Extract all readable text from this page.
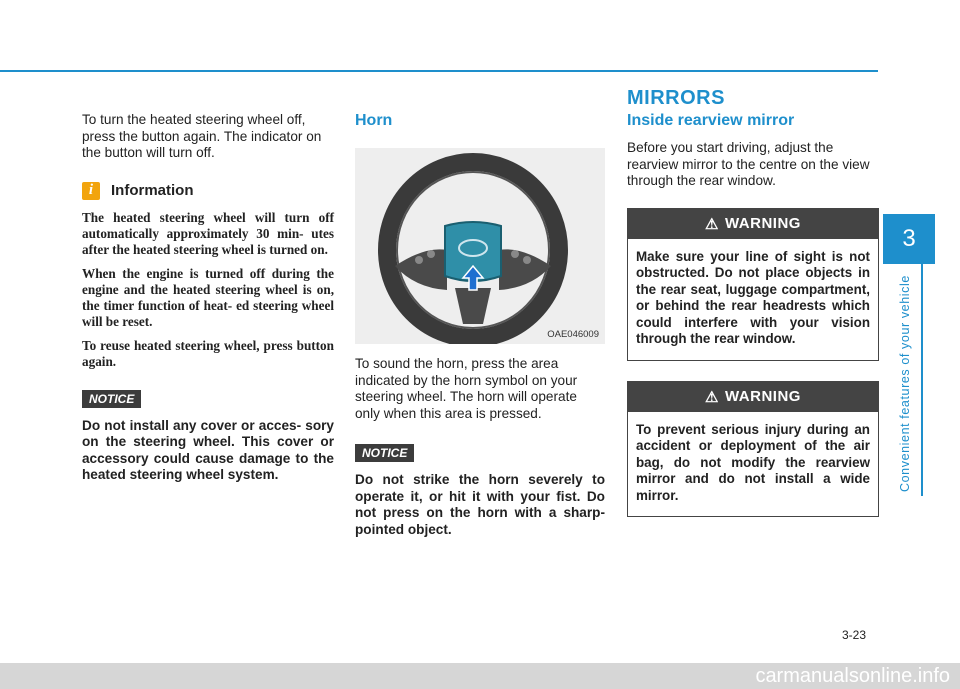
3
Convenient features of your vehicle

To turn the heated steering wheel off, press the button again. The indicator on the button will turn off.

i	Information

The heated steering wheel will turn off automatically approximately 30 min- utes after the heated steering wheel is turned on.

When the engine is turned off during the engine and the heated steering wheel is on, the timer function of heat- ed steering wheel will be reset.

To reuse heated steering wheel, press button again.

NOTICE

Do not install any cover or acces- sory on the steering wheel. This cover or accessory could cause damage to the heated steering wheel system.

Horn
OAE046009

To sound the horn, press the area indicated by the horn symbol on your steering wheel. The horn will operate only when this area is pressed.

NOTICE

Do not strike the horn severely to operate it, or hit it with your fist. Do not press on the horn with a sharp-pointed object.

MIRRORS
Inside rearview mirror

Before you start driving, adjust the rearview mirror to the centre on the view through the rear window.

⚠ WARNING

Make sure your line of sight is not obstructed. Do not place objects in the rear seat, luggage compartment, or behind the rear headrests which could interfere with your vision through the rear window.

⚠ WARNING

To prevent serious injury during an accident or deployment of the air bag, do not modify the rearview mirror and do not install a wide mirror.

3-23
carmanualsonline.info
